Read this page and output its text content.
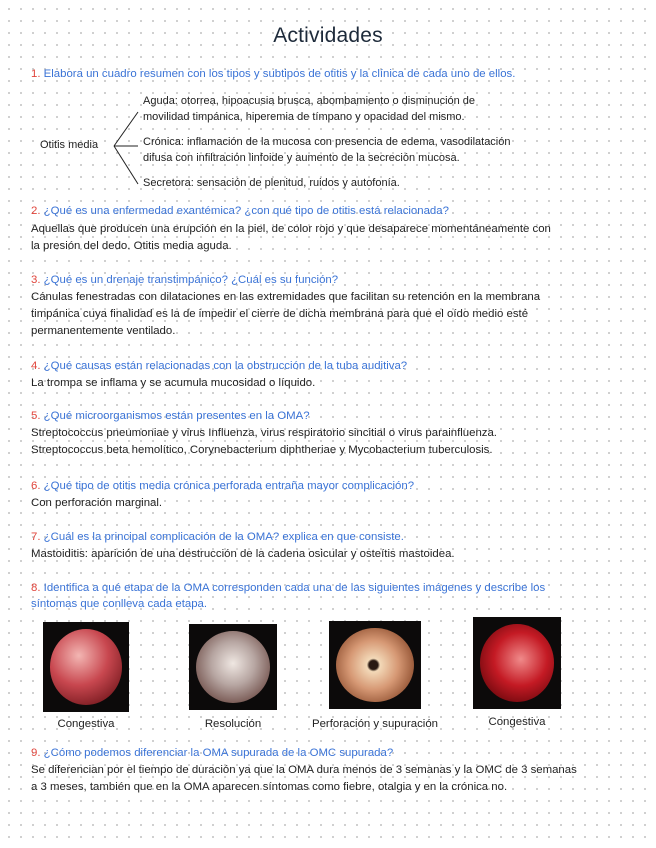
Actividades

1. Elabora un cuadro resumen con los tipos y subtipos de otitis y la clínica de cada uno de ellos.

Otitis media
Aguda: otorrea, hipoacusia brusca, abombamiento o disminución de
movilidad timpánica, hiperemia de tímpano y opacidad del mismo.
Crónica: inflamación de la mucosa con presencia de edema, vasodilatación
difusa con infiltración linfoide y aumento de la secreción mucosa.
Secretora: sensación de plenitud, ruidos y autofonía.

2. ¿Qué es una enfermedad exantémica? ¿con qué tipo de otitis está relacionada?

Aquellas que producen una erupción en la piel, de color rojo y que desaparece momentáneamente con
la presión del dedo. Otitis media aguda.

3. ¿Qué es un drenaje transtimpánico? ¿Cuál es su función?

Cánulas fenestradas con dilataciones en las extremidades que facilitan su retención en la membrana
timpánica cuya finalidad es la de impedir el cierre de dicha membrana para que el oído medio esté
permanentemente ventilado.

4. ¿Qué causas están relacionadas con la obstrucción de la tuba auditiva?

La trompa se inflama y se acumula mucosidad o líquido.

5. ¿Qué microorganismos están presentes en la OMA?

Streptococcus pneumoniae y virus Influenza, virus respiratorio sincitial o virus parainfluenza.
Streptococcus beta hemolítico, Corynebacterium diphtheriae y Mycobacterium tuberculosis.

6. ¿Qué tipo de otitis media crónica perforada entraña mayor complicación?

Con perforación marginal.

7. ¿Cuál es la principal complicación de la OMA? explica en que consiste.

Mastoiditis: aparición de una destrucción de la cadena osicular y osteítis mastoidea.
8. Identifica a qué etapa de la OMA corresponden cada una de las siguientes imágenes y describe los
síntomas que conlleva cada etapa.
Congestiva	Resolución	Perforación y supuración	Congestiva

9. ¿Cómo podemos diferenciar la OMA supurada de la OMC supurada?

Se diferencian por el tiempo de duración ya que la OMA dura menos de 3 semanas y la OMC de 3 semanas
a 3 meses, también que en la OMA aparecen síntomas como fiebre, otalgia y en la crónica no.
